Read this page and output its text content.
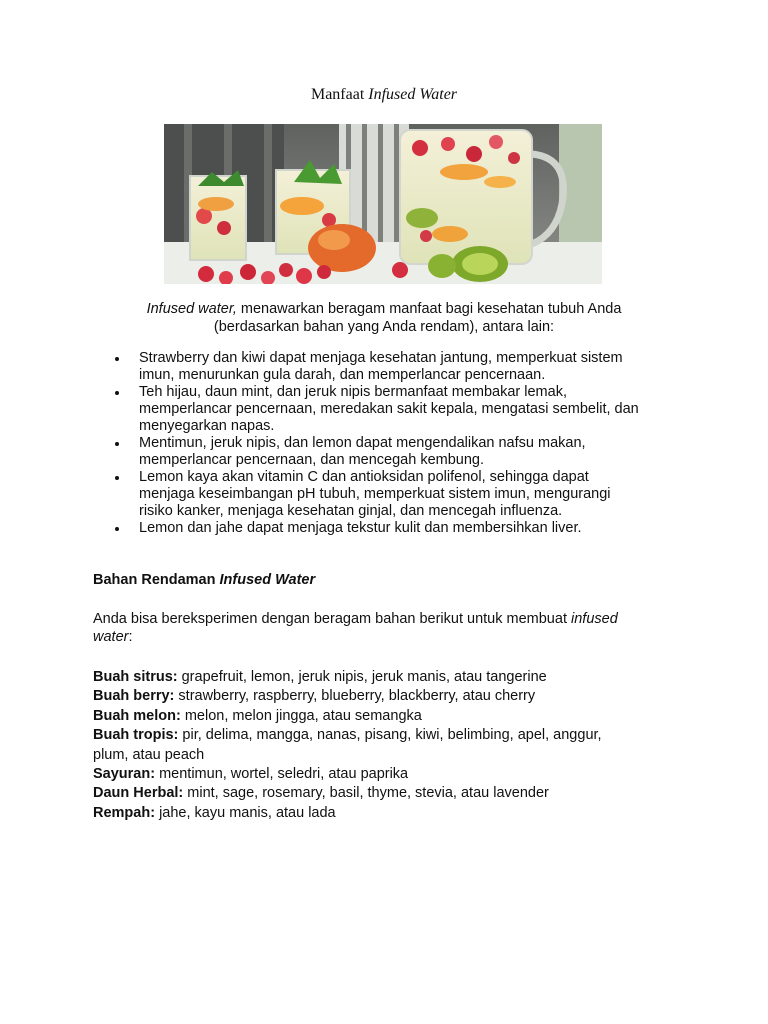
Manfaat Infused Water
Infused water, menawarkan beragam manfaat bagi kesehatan tubuh Anda
(berdasarkan bahan yang Anda rendam), antara lain:
Strawberry dan kiwi dapat menjaga kesehatan jantung, memperkuat sistem
imun, menurunkan gula darah, dan memperlancar pencernaan.
Teh hijau, daun mint, dan jeruk nipis bermanfaat membakar lemak,
memperlancar pencernaan, meredakan sakit kepala, mengatasi sembelit, dan
menyegarkan napas.
Mentimun, jeruk nipis, dan lemon dapat mengendalikan nafsu makan,
memperlancar pencernaan, dan mencegah kembung.
Lemon kaya akan vitamin C dan antioksidan polifenol, sehingga dapat
menjaga keseimbangan pH tubuh, memperkuat sistem imun, mengurangi
risiko kanker, menjaga kesehatan ginjal, dan mencegah influenza.
Lemon dan jahe dapat menjaga tekstur kulit dan membersihkan liver.
Bahan Rendaman Infused Water
Anda bisa bereksperimen dengan beragam bahan berikut untuk membuat infused
water:
Buah sitrus: grapefruit, lemon, jeruk nipis, jeruk manis, atau tangerine
Buah berry: strawberry, raspberry, blueberry, blackberry, atau cherry
Buah melon: melon, melon jingga, atau semangka
Buah tropis: pir, delima, mangga, nanas, pisang, kiwi, belimbing, apel, anggur,
plum, atau peach
Sayuran: mentimun, wortel, seledri, atau paprika
Daun Herbal: mint, sage, rosemary, basil, thyme, stevia, atau lavender
Rempah: jahe, kayu manis, atau lada
